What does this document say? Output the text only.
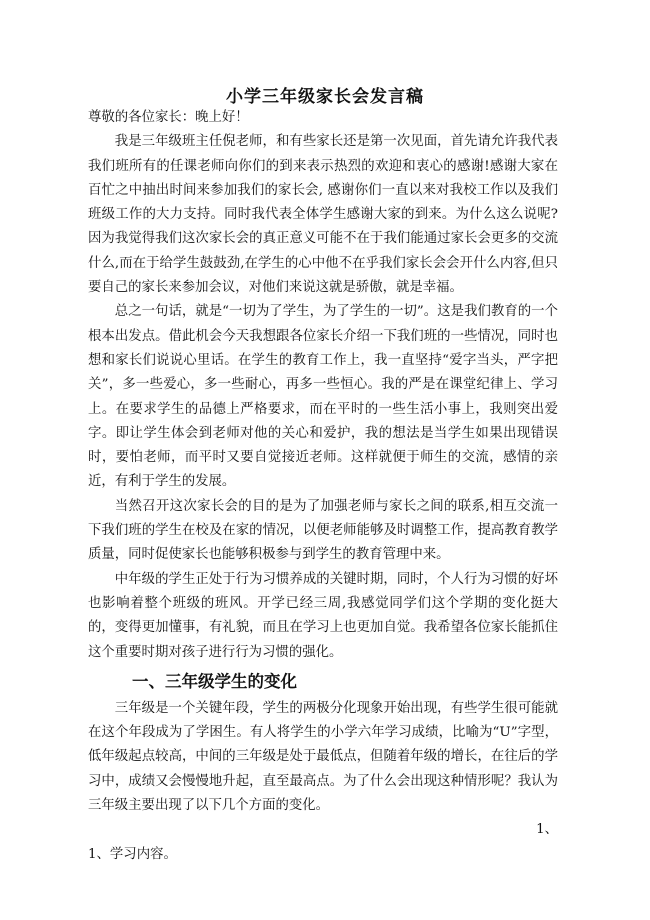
小学三年级家长会发言稿

尊敬的各位家长：晚上好！

我是三年级班主任倪老师，和有些家长还是第一次见面，首先请允许我代表我们班所有的任课老师向你们的到来表示热烈的欢迎和衷心的感谢!感谢大家在百忙之中抽出时间来参加我们的家长会, 感谢你们一直以来对我校工作以及我们班级工作的大力支持。同时我代表全体学生感谢大家的到来。为什么这么说呢?因为我觉得我们这次家长会的真正意义可能不在于我们能通过家长会更多的交流什么,而在于给学生鼓鼓劲,在学生的心中他不在乎我们家长会会开什么内容,但只要自己的家长来参加会议，对他们来说这就是骄傲，就是幸福。

总之一句话，就是“一切为了学生，为了学生的一切”。这是我们教育的一个根本出发点。借此机会今天我想跟各位家长介绍一下我们班的一些情况，同时也想和家长们说说心里话。在学生的教育工作上，我一直坚持“爱字当头，严字把关”，多一些爱心，多一些耐心，再多一些恒心。我的严是在课堂纪律上、学习上。在要求学生的品德上严格要求，而在平时的一些生活小事上，我则突出爱字。即让学生体会到老师对他的关心和爱护，我的想法是当学生如果出现错误时，要怕老师，而平时又要自觉接近老师。这样就便于师生的交流，感情的亲近，有利于学生的发展。

当然召开这次家长会的目的是为了加强老师与家长之间的联系,相互交流一下我们班的学生在校及在家的情况，以便老师能够及时调整工作，提高教育教学质量，同时促使家长也能够积极参与到学生的教育管理中来。

中年级的学生正处于行为习惯养成的关键时期，同时，个人行为习惯的好坏也影响着整个班级的班风。开学已经三周,我感觉同学们这个学期的变化挺大的，变得更加懂事，有礼貌，而且在学习上也更加自觉。我希望各位家长能抓住这个重要时期对孩子进行行为习惯的强化。

一、三年级学生的变化

三年级是一个关键年段，学生的两极分化现象开始出现，有些学生很可能就在这个年段成为了学困生。有人将学生的小学六年学习成绩，比喻为“U”字型，低年级起点较高，中间的三年级是处于最低点，但随着年级的增长，在往后的学习中，成绩又会慢慢地升起，直至最高点。为了什么会出现这种情形呢？我认为三年级主要出现了以下几个方面的变化。

1、

1、学习内容。
